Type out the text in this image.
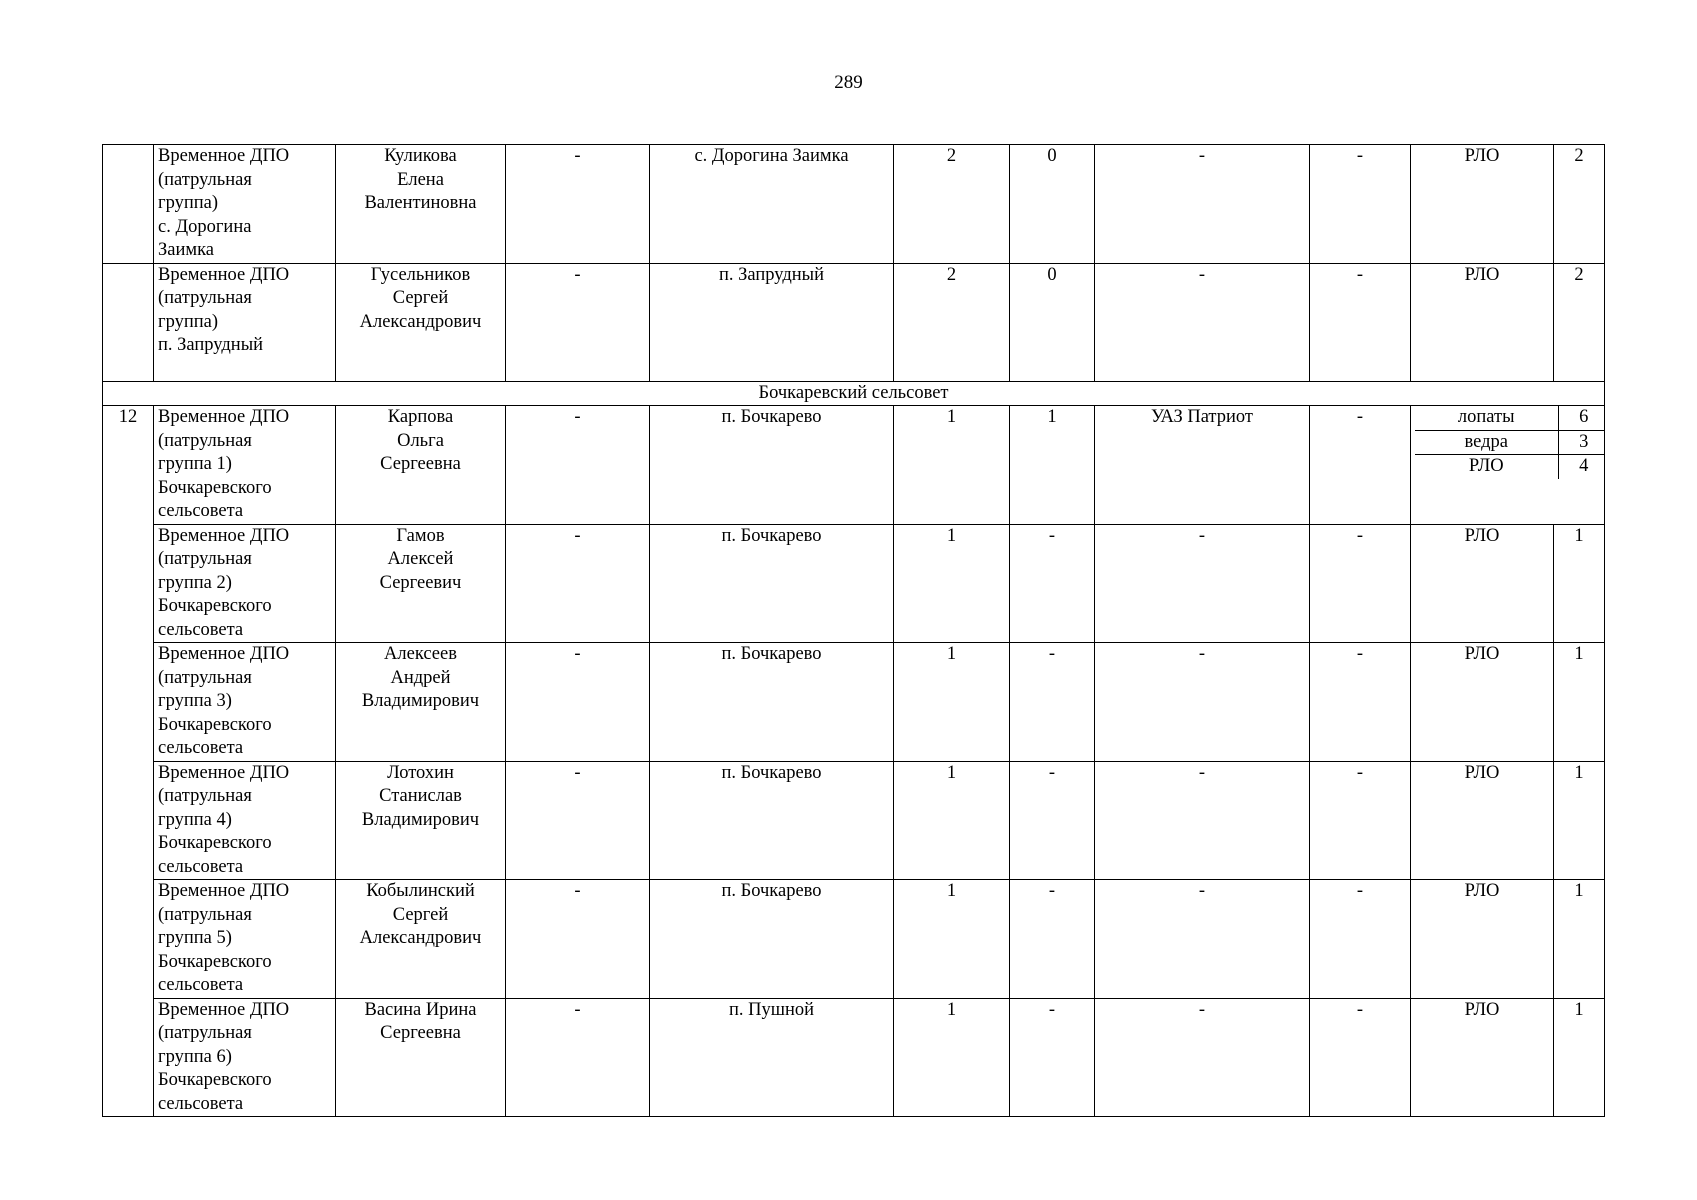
289

Временное ДПО
(патрульная
группа)
с. Дорогина
Заимка

Куликова
Елена
Валентиновна
	-	с. Дорогина Заимка	2	0	-	-	РЛО	2

Временное ДПО
(патрульная
группа)
п. Запрудный

Гусельников
Сергей
Александрович
	-	п. Запрудный	2	0	-	-	РЛО	2
Бочкаревский сельсовет
12	Временное ДПО
(патрульная
группа 1)
Бочкаревского
сельсовета

Карпова
Ольга
Сергеевна
	-	п. Бочкарево	1	1	УАЗ Патриот	-		лопаты	6
ведра	3
РЛО	4

Временное ДПО
(патрульная
группа 2)
Бочкаревского
сельсовета

Гамов
Алексей
Сергеевич
	-	п. Бочкарево	1	-	-	-	РЛО	1

Временное ДПО
(патрульная
группа 3)
Бочкаревского
сельсовета

Алексеев
Андрей
Владимирович
	-	п. Бочкарево	1	-	-	-	РЛО	1

Временное ДПО
(патрульная
группа 4)
Бочкаревского
сельсовета

Лотохин
Станислав
Владимирович
	-	п. Бочкарево	1	-	-	-	РЛО	1

Временное ДПО
(патрульная
группа 5)
Бочкаревского
сельсовета

Кобылинский
Сергей
Александрович
	-	п. Бочкарево	1	-	-	-	РЛО	1

Временное ДПО
(патрульная
группа 6)
Бочкаревского
сельсовета

Васина Ирина
Сергеевна
	-	п. Пушной	1	-	-	-	РЛО	1
